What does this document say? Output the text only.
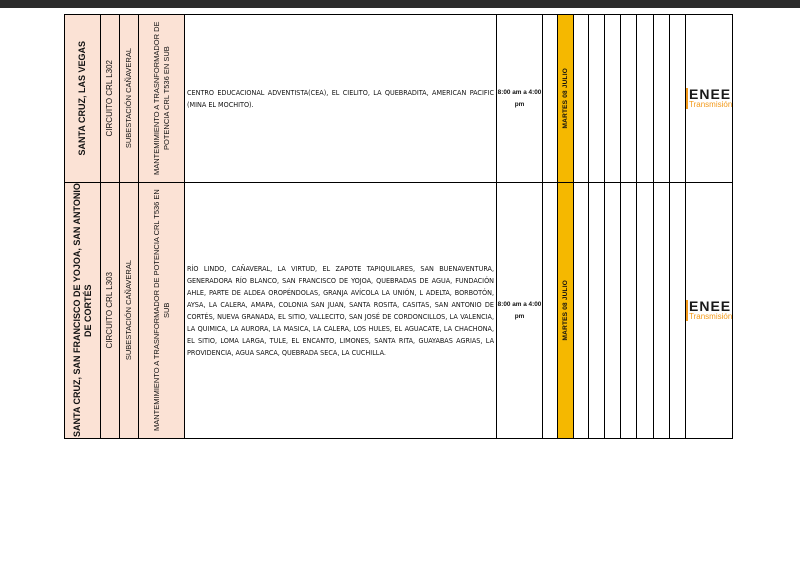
SANTA CRUZ, LAS VEGAS	CIRCUITO CRL L302	SUBESTACIÓN CAÑAVERAL	MANTEMIMIENTO A TRASNFORMADOR DE POTENCIA CRL T536 EN SUB	CENTRO EDUCACIONAL ADVENTISTA(CEA), EL CIELITO, LA QUEBRADITA, AMERICAN PACIFIC (MINA EL MOCHITO).	8:00 am a 4:00 pm		MARTES 08 JULIO								ENEE
Transmisión

SANTA CRUZ, SAN FRANCISCO DE YOJOA, SAN ANTONIO DE CORTÉS	CIRCUITO CRL L303	SUBESTACIÓN CAÑAVERAL	MANTEMIMIENTO A TRASNFORMADOR DE POTENCIA CRL T536 EN SUB	RÍO LINDO, CAÑAVERAL, LA VIRTUD, EL ZAPOTE TAPIQUILARES, SAN BUENAVENTURA, GENERADORA RÍO BLANCO, SAN FRANCISCO DE YOJOA, QUEBRADAS DE AGUA, FUNDACIÓN AHLE, PARTE DE ALDEA OROPÉNDOLAS, GRANJA AVÍCOLA LA UNIÓN, L ADELTA, BORBOTÓN, AYSA, LA CALERA, AMAPA, COLONIA SAN JUAN, SANTA ROSITA, CASITAS, SAN ANTONIO DE CORTÉS, NUEVA GRANADA, EL SITIO, VALLECITO, SAN JOSÉ DE CORDONCILLOS, LA VALENCIA, LA QUIMICA, LA AURORA, LA MASICA, LA CALERA, LOS HULES, EL AGUACATE, LA CHACHONA, EL SITIO, LOMA LARGA, TULE, EL ENCANTO, LIMONES, SANTA RITA, GUAYABAS AGRIAS, LA PROVIDENCIA, AGUA SARCA, QUEBRADA SECA, LA CUCHILLA.	8:00 am a 4:00 pm		MARTES 08 JULIO								ENEE
Transmisión
